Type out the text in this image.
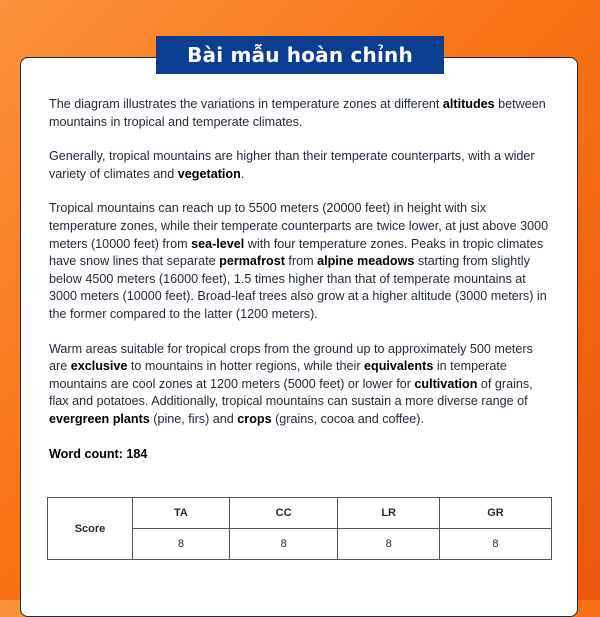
Bài mẫu hoàn chỉnh

The diagram illustrates the variations in temperature zones at different altitudes between mountains in tropical and temperate climates.

Generally, tropical mountains are higher than their temperate counterparts, with a wider variety of climates and vegetation.

Tropical mountains can reach up to 5500 meters (20000 feet) in height with six temperature zones, while their temperate counterparts are twice lower, at just above 3000 meters (10000 feet) from sea-level with four temperature zones. Peaks in tropic climates have snow lines that separate permafrost from alpine meadows starting from slightly below 4500 meters (16000 feet), 1.5 times higher than that of temperate mountains at 3000 meters (10000 feet). Broad-leaf trees also grow at a higher altitude (3000 meters) in the former compared to the latter (1200 meters).

Warm areas suitable for tropical crops from the ground up to approximately 500 meters are exclusive to mountains in hotter regions, while their equivalents in temperate mountains are cool zones at 1200 meters (5000 feet) or lower for cultivation of grains, flax and potatoes. Additionally, tropical mountains can sustain a more diverse range of evergreen plants (pine, firs) and crops (grains, cocoa and coffee).

Word count: 184
Score	TA	CC	LR	GR
	8	8	8	8
